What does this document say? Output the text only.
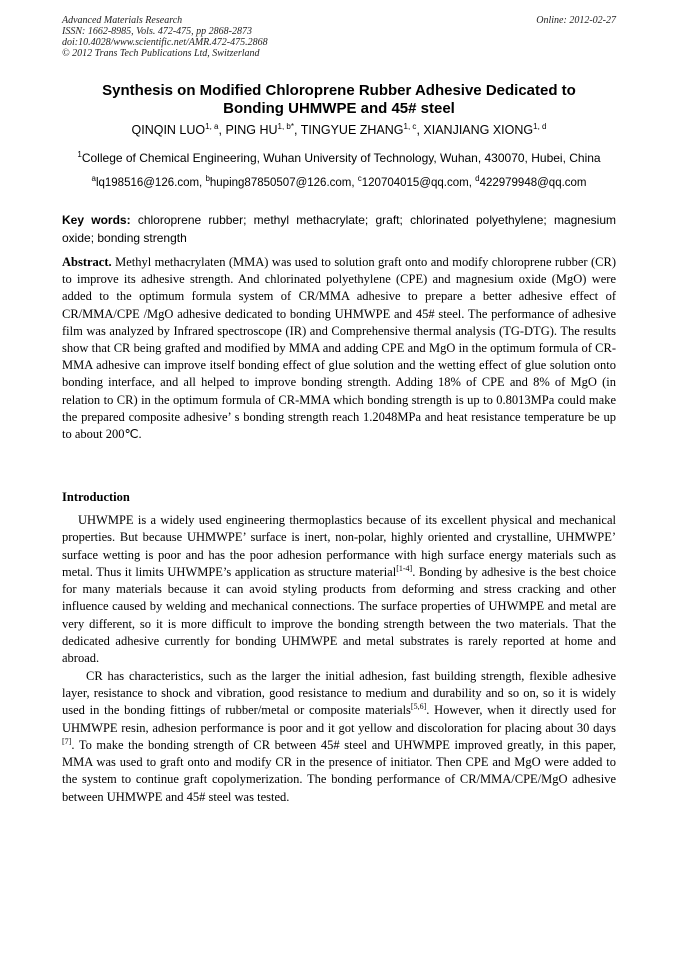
Advanced Materials Research
ISSN: 1662-8985, Vols. 472-475, pp 2868-2873
doi:10.4028/www.scientific.net/AMR.472-475.2868
© 2012 Trans Tech Publications Ltd, Switzerland
Online: 2012-02-27
Synthesis on Modified Chloroprene Rubber Adhesive Dedicated to
Bonding UHMWPE and 45# steel
QINQIN LUO$^{1, a}$, PING $HU^{1, b*}$, TINGYUE ZHANG$^{1, c}$, XIANJIANG XIONG$^{1, d}$
$^1$College of Chemical Engineering, Wuhan University of Technology, Wuhan, 430070, Hubei, China
$^a$lq198516@126.com, $^b$huping87850507@126.com, $^c$120704015@qq.com, $^d$422979948@qq.com
Key words: chloroprene rubber; methyl methacrylate; graft; chlorinated polyethylene; magnesium oxide; bonding strength
Abstract. Methyl methacrylaten (MMA) was used to solution graft onto and modify chloroprene rubber (CR) to improve its adhesive strength. And chlorinated polyethylene (CPE) and magnesium oxide (MgO) were added to the optimum formula system of CR/MMA adhesive to prepare a better adhesive effect of CR/MMA/CPE /MgO adhesive dedicated to bonding UHMWPE and 45# steel. The performance of adhesive film was analyzed by Infrared spectroscope (IR) and Comprehensive thermal analysis (TG-DTG). The results show that CR being grafted and modified by MMA and adding CPE and MgO in the optimum formula of CR-MMA adhesive can improve itself bonding effect of glue solution and the wetting effect of glue solution onto bonding interface, and all helped to improve bonding strength. Adding 18% of CPE and 8% of MgO (in relation to CR) in the optimum formula of CR-MMA which bonding strength is up to 0.8013MPa could make the prepared composite adhesive’ s bonding strength reach 1.2048MPa and heat resistance temperature be up to about 200℃.
Introduction

UHWMPE is a widely used engineering thermoplastics because of its excellent physical and mechanical properties. But because UHMWPE’ surface is inert, non-polar, highly oriented and crystalline, UHMWPE’ surface wetting is poor and has the poor adhesion performance with high surface energy materials such as metal. Thus it limits UHWMPE’s application as structure material[1-4]. Bonding by adhesive is the best choice for many materials because it can avoid styling products from deforming and stress cracking and other influence caused by welding and mechanical connections. The surface properties of UHWMPE and metal are very different, so it is more difficult to improve the bonding strength between the two materials. That the dedicated adhesive currently for bonding UHMWPE and metal substrates is rarely reported at home and abroad.

CR has characteristics, such as the larger the initial adhesion, fast building strength, flexible adhesive layer, resistance to shock and vibration, good resistance to medium and durability and so on, so it is widely used in the bonding fittings of rubber/metal or composite materials[5,6]. However, when it directly used for UHMWPE resin, adhesion performance is poor and it got yellow and discoloration for placing about 30 days [7]. To make the bonding strength of CR between 45# steel and UHWMPE improved greatly, in this paper, MMA was used to graft onto and modify CR in the presence of initiator. Then CPE and MgO were added to the system to continue graft copolymerization. The bonding performance of CR/MMA/CPE/MgO adhesive between UHMWPE and 45# steel was tested.
